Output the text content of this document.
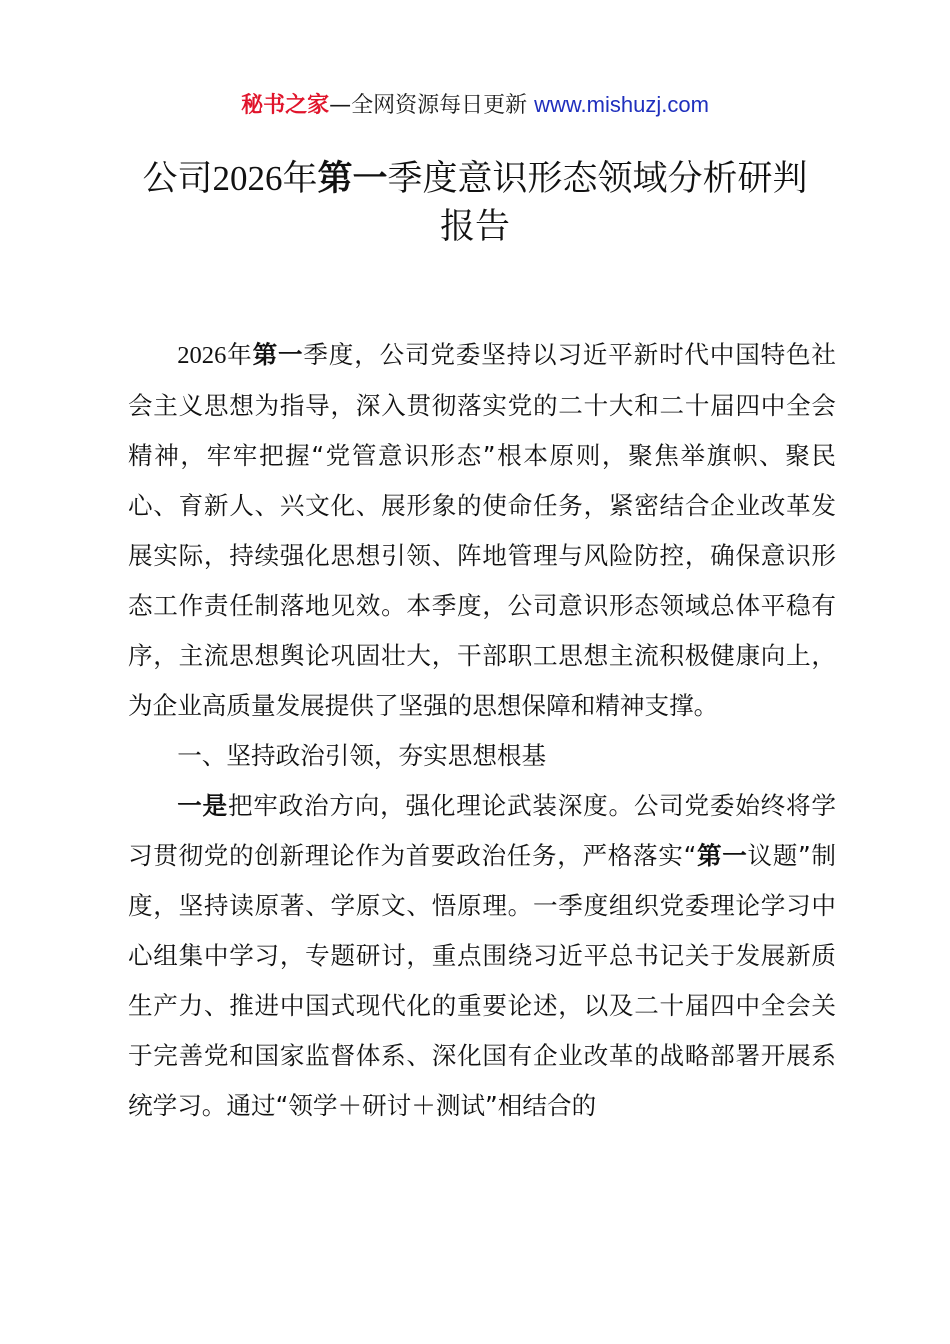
秘书之家—全网资源每日更新 www.mishuzj.com
公司2026年第一季度意识形态领域分析研判
报告

2026年第一季度，公司党委坚持以习近平新时代中国特色社会主义思想为指导，深入贯彻落实党的二十大和二十届四中全会精神，牢牢把握“党管意识形态”根本原则，聚焦举旗帜、聚民心、育新人、兴文化、展形象的使命任务，紧密结合企业改革发展实际，持续强化思想引领、阵地管理与风险防控，确保意识形态工作责任制落地见效。本季度，公司意识形态领域总体平稳有序，主流思想舆论巩固壮大，干部职工思想主流积极健康向上，为企业高质量发展提供了坚强的思想保障和精神支撑。

一、坚持政治引领，夯实思想根基

一是把牢政治方向，强化理论武装深度。公司党委始终将学习贯彻党的创新理论作为首要政治任务，严格落实“第一议题”制度，坚持读原著、学原文、悟原理。一季度组织党委理论学习中心组集中学习，专题研讨，重点围绕习近平总书记关于发展新质生产力、推进中国式现代化的重要论述，以及二十届四中全会关于完善党和国家监督体系、深化国有企业改革的战略部署开展系统学习。通过“领学＋研讨＋测试”相结合的
